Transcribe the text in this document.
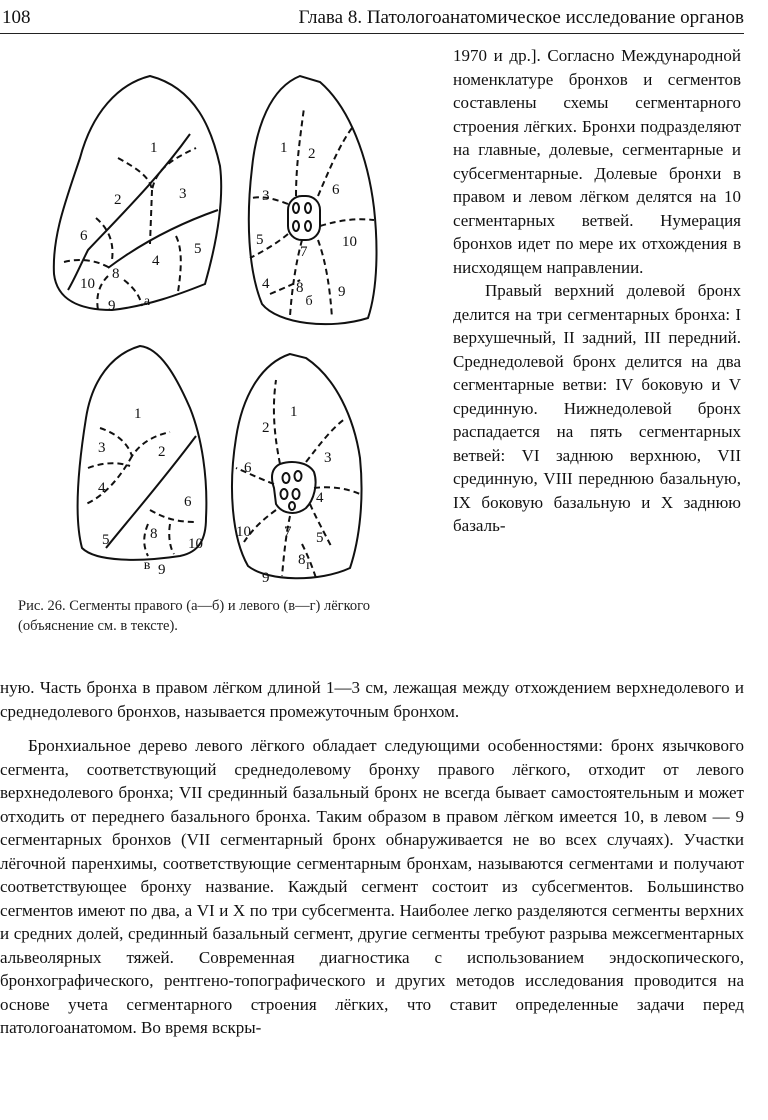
108	Глава 8. Патологоанатомическое исследование органов
1
2	3
4
5
6
8
9
10
1 2
3
5
6
7
8 9
10
4
1
2
3
4
5
6
8
9
10
1
2
3
4
5
6
7
8
9
10
а	б
в	г
Рис. 26. Сегменты правого (а—б) и левого (в—г) лёгкого (объяснение см. в тексте).

1970 и др.]. Согласно Международной номенклатуре бронхов и сегментов составлены схемы сегментарного строения лёгких. Бронхи подразделяют на главные, долевые, сегментарные и субсегментарные. Долевые бронхи в правом и левом лёгком делятся на 10 сегментарных ветвей. Нумерация бронхов идет по мере их отхождения в нисходящем направлении.

Правый верхний долевой бронх делится на три сегментарных бронха: I верхушечный, II задний, III передний. Среднедолевой бронх делится на два сегментарные ветви: IV боковую и V срединную. Нижнедолевой бронх распадается на пять сегментарных ветвей: VI заднюю верхнюю, VII срединную, VIII переднюю базальную, IX боковую базальную и X заднюю базаль-

ную. Часть бронха в правом лёгком длиной 1—3 см, лежащая между отхождением верхнедолевого и среднедолевого бронхов, называется промежуточным бронхом.

Бронхиальное дерево левого лёгкого обладает следующими особенностями: бронх язычкового сегмента, соответствующий среднедолевому бронху правого лёгкого, отходит от левого верхнедолевого бронха; VII срединный базальный бронх не всегда бывает самостоятельным и может отходить от переднего базального бронха. Таким образом в правом лёгком имеется 10, в левом — 9 сегментарных бронхов (VII сегментарный бронх обнаруживается не во всех случаях). Участки лёгочной паренхимы, соответствующие сегментарным бронхам, называются сегментами и получают соответствующее бронху название. Каждый сегмент состоит из субсегментов. Большинство сегментов имеют по два, а VI и X по три субсегмента. Наиболее легко разделяются сегменты верхних и средних долей, срединный базальный сегмент, другие сегменты требуют разрыва межсегментарных альвеолярных тяжей. Современная диагностика с использованием эндоскопического, бронхографического, рентгено-топографического и других методов исследования проводится на основе учета сегментарного строения лёгких, что ставит определенные задачи перед патологоанатомом. Во время вскры-
